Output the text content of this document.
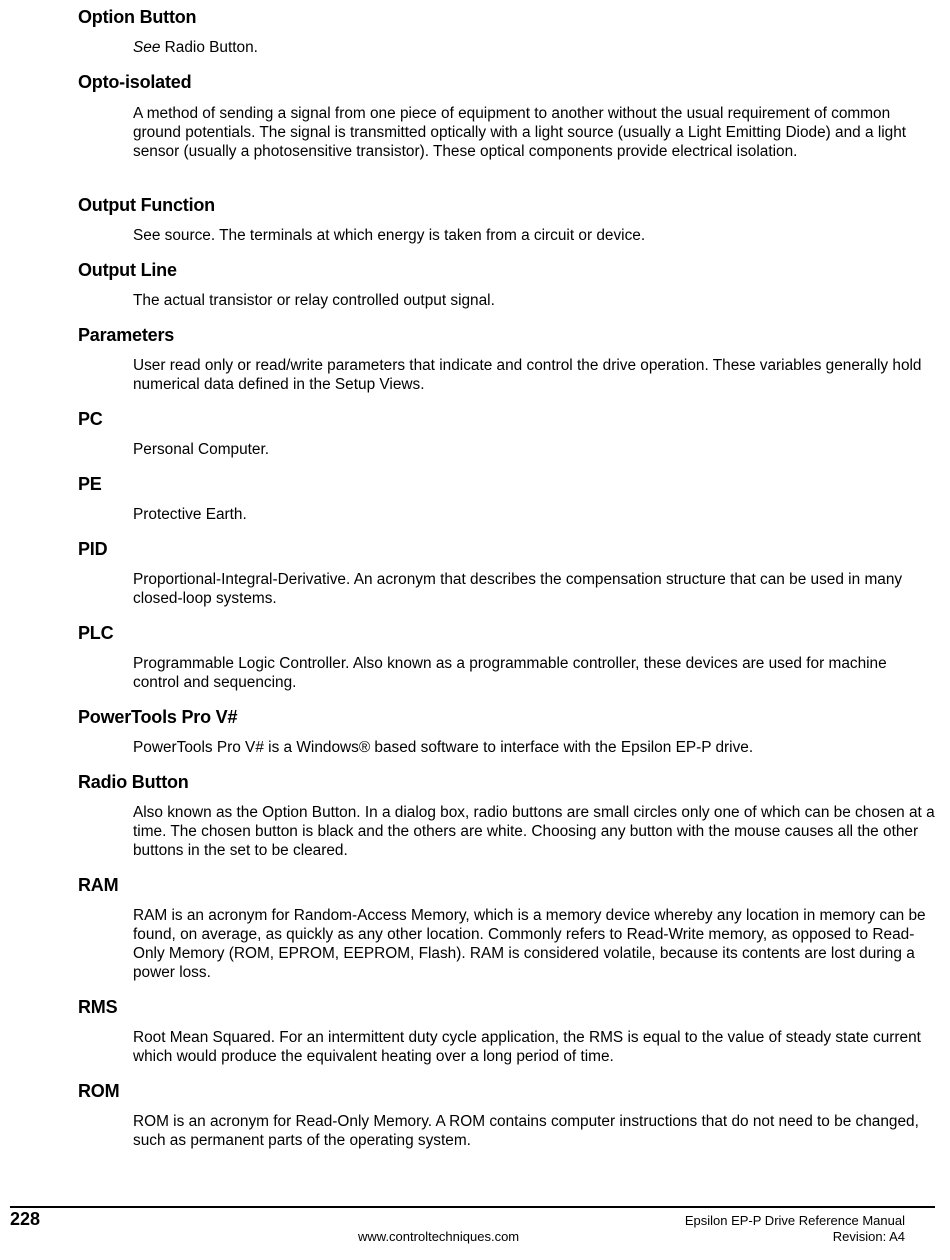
Option Button

See Radio Button.

Opto-isolated

A method of sending a signal from one piece of equipment to another without the usual requirement of common ground potentials. The signal is transmitted optically with a light source (usually a Light Emitting Diode) and a light sensor (usually a photosensitive transistor). These optical components provide electrical isolation.

Output Function

See source. The terminals at which energy is taken from a circuit or device.

Output Line

The actual transistor or relay controlled output signal.

Parameters

User read only or read/write parameters that indicate and control the drive operation. These variables generally hold numerical data defined in the Setup Views.

PC

Personal Computer.

PE

Protective Earth.

PID

Proportional-Integral-Derivative. An acronym that describes the compensation structure that can be used in many closed-loop systems.

PLC

Programmable Logic Controller. Also known as a programmable controller, these devices are used for machine control and sequencing.

PowerTools Pro V#

PowerTools Pro V# is a Windows® based software to interface with the Epsilon EP-P drive.

Radio Button

Also known as the Option Button. In a dialog box, radio buttons are small circles only one of which can be chosen at a time. The chosen button is black and the others are white. Choosing any button with the mouse causes all the other buttons in the set to be cleared.

RAM

RAM is an acronym for Random-Access Memory, which is a memory device whereby any location in memory can be found, on average, as quickly as any other location. Commonly refers to Read-Write memory, as opposed to Read-Only Memory (ROM, EPROM, EEPROM, Flash). RAM is considered volatile, because its contents are lost during a power loss.

RMS

Root Mean Squared. For an intermittent duty cycle application, the RMS is equal to the value of steady state current which would produce the equivalent heating over a long period of time.

ROM

ROM is an acronym for Read-Only Memory. A ROM contains computer instructions that do not need to be changed, such as permanent parts of the operating system.

228
www.controltechniques.com
Epsilon EP-P Drive Reference Manual
Revision: A4
